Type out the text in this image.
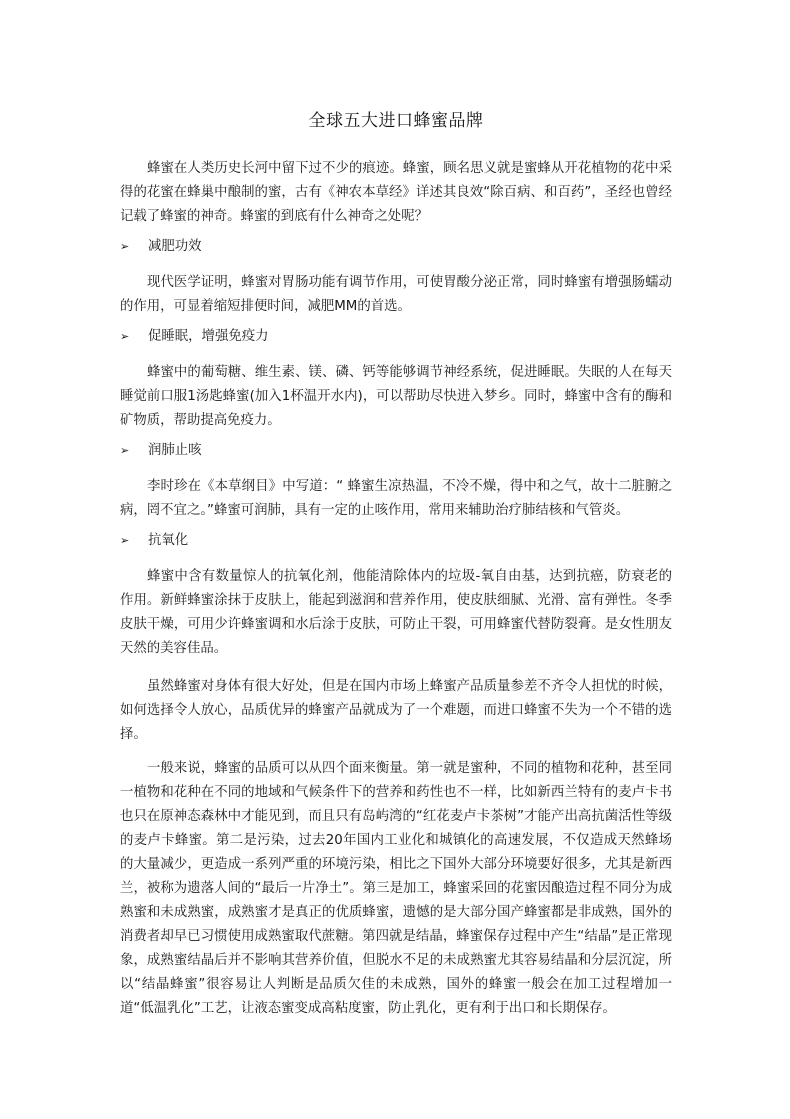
全球五大进口蜂蜜品牌

蜂蜜在人类历史长河中留下过不少的痕迹。蜂蜜，顾名思义就是蜜蜂从开花植物的花中采得的花蜜在蜂巢中酿制的蜜，古有《神农本草经》详述其良效“除百病、和百药”，圣经也曾经记载了蜂蜜的神奇。蜂蜜的到底有什么神奇之处呢？

➢	减肥功效

现代医学证明，蜂蜜对胃肠功能有调节作用，可使胃酸分泌正常，同时蜂蜜有增强肠蠕动的作用，可显着缩短排便时间，减肥MM的首选。

➢	促睡眠，增强免疫力

蜂蜜中的葡萄糖、维生素、镁、磷、钙等能够调节神经系统，促进睡眠。失眠的人在每天睡觉前口服1汤匙蜂蜜(加入1杯温开水内)，可以帮助尽快进入梦乡。同时，蜂蜜中含有的酶和矿物质，帮助提高免疫力。

➢	润肺止咳

李时珍在《本草纲目》中写道：“ 蜂蜜生凉热温，不冷不燥，得中和之气，故十二脏腑之病，罔不宜之。”蜂蜜可润肺，具有一定的止咳作用，常用来辅助治疗肺结核和气管炎。

➢	抗氧化

蜂蜜中含有数量惊人的抗氧化剂，他能清除体内的垃圾-氧自由基，达到抗癌，防衰老的作用。新鲜蜂蜜涂抹于皮肤上，能起到滋润和营养作用，使皮肤细腻、光滑、富有弹性。冬季皮肤干燥，可用少许蜂蜜调和水后涂于皮肤，可防止干裂，可用蜂蜜代替防裂膏。是女性朋友天然的美容佳品。

虽然蜂蜜对身体有很大好处，但是在国内市场上蜂蜜产品质量参差不齐令人担忧的时候，如何选择令人放心，品质优异的蜂蜜产品就成为了一个难题，而进口蜂蜜不失为一个不错的选择。

一般来说，蜂蜜的品质可以从四个面来衡量。第一就是蜜种，不同的植物和花种，甚至同一植物和花种在不同的地域和气候条件下的营养和药性也不一样，比如新西兰特有的麦卢卡书也只在原神态森林中才能见到，而且只有岛屿湾的“红花麦卢卡茶树”才能产出高抗菌活性等级的麦卢卡蜂蜜。第二是污染，过去20年国内工业化和城镇化的高速发展，不仅造成天然蜂场的大量减少，更造成一系列严重的环境污染，相比之下国外大部分环境要好很多，尤其是新西兰，被称为遗落人间的“最后一片净土”。第三是加工，蜂蜜采回的花蜜因酿造过程不同分为成熟蜜和未成熟蜜，成熟蜜才是真正的优质蜂蜜，遗憾的是大部分国产蜂蜜都是非成熟，国外的消费者却早已习惯使用成熟蜜取代蔗糖。第四就是结晶，蜂蜜保存过程中产生“结晶”是正常现象，成熟蜜结晶后并不影响其营养价值，但脱水不足的未成熟蜜尤其容易结晶和分层沉淀，所以“结晶蜂蜜”很容易让人判断是品质欠佳的未成熟，国外的蜂蜜一般会在加工过程增加一道“低温乳化”工艺，让液态蜜变成高粘度蜜，防止乳化，更有利于出口和长期保存。
